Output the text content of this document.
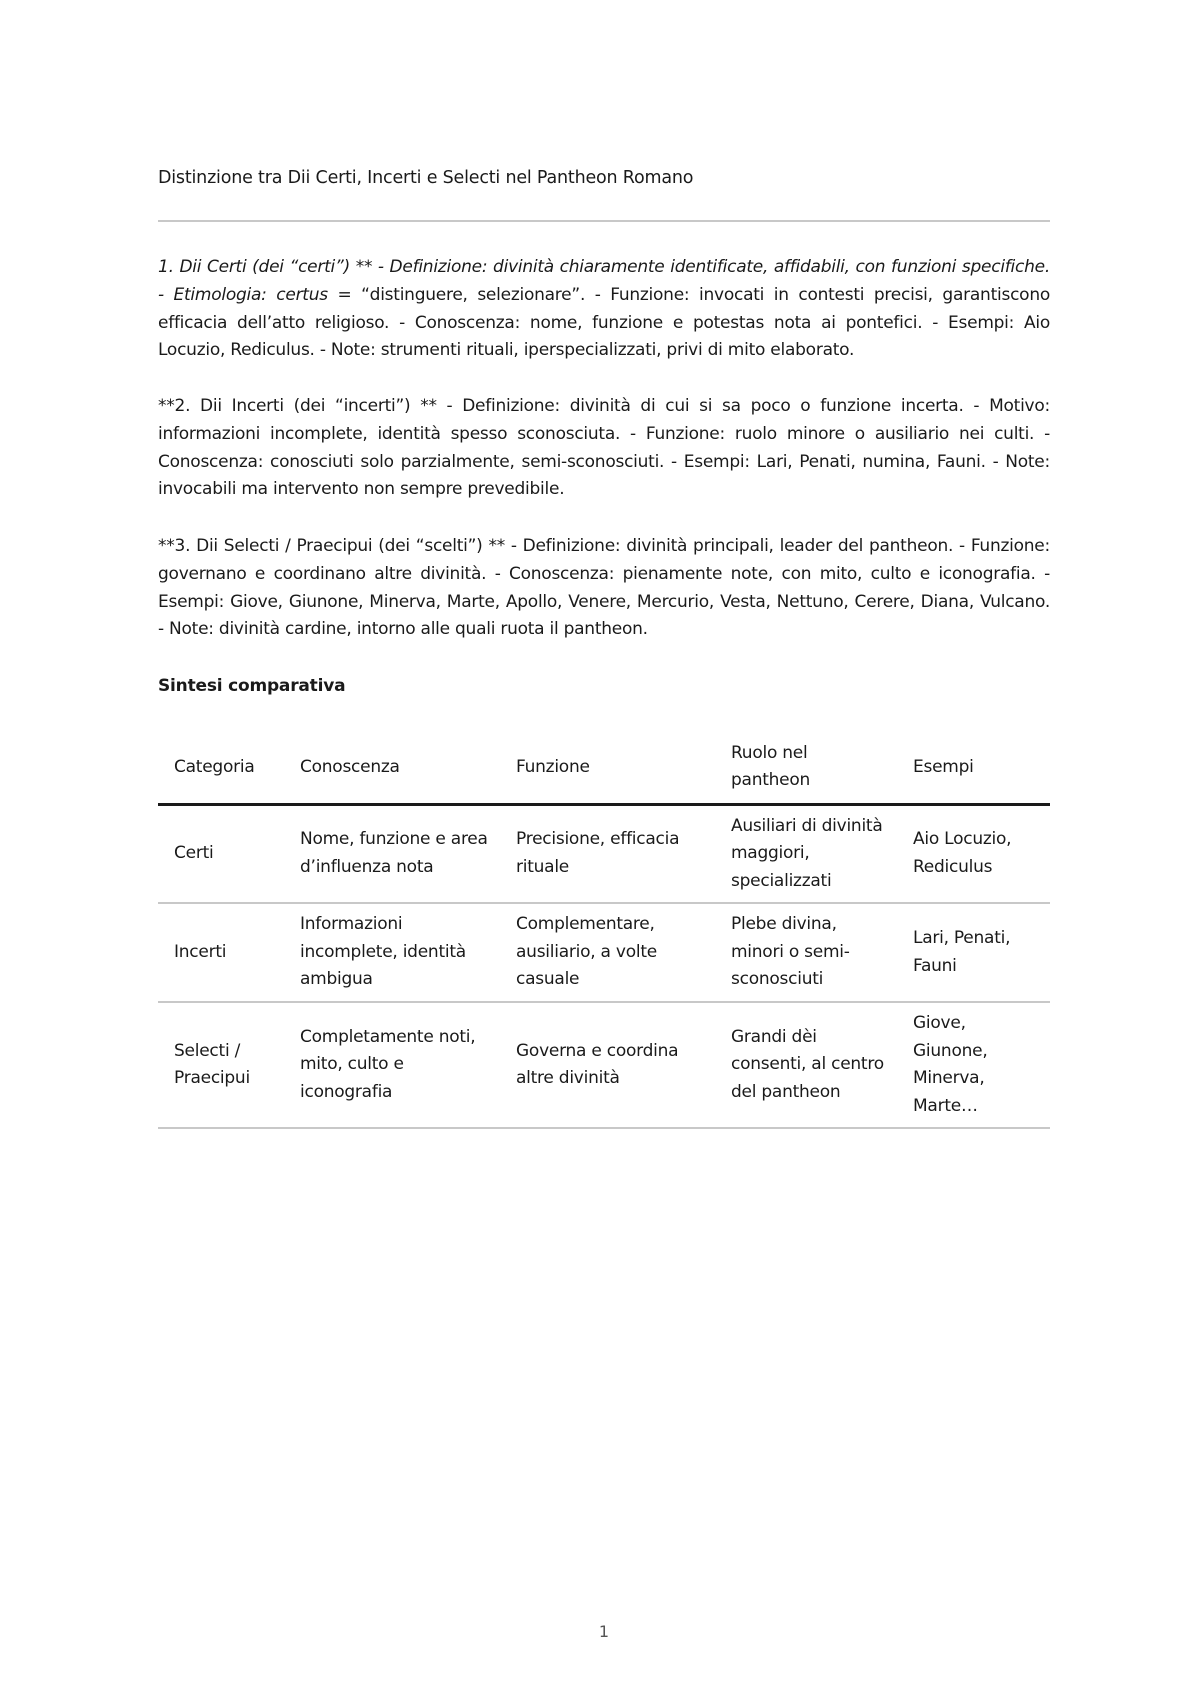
Distinzione tra Dii Certi, Incerti e Selecti nel Pantheon Romano

1. Dii Certi (dei “certi”) ** - Definizione: divinità chiaramente identificate, affidabili, con funzioni specifiche. - Etimologia: certus = “distinguere, selezionare”. - Funzione: invocati in contesti precisi, garantiscono efficacia dell’atto religioso. - Conoscenza: nome, funzione e potestas nota ai pontefici. - Esempi: Aio Locuzio, Rediculus. - Note: strumenti rituali, iperspecializzati, privi di mito elaborato.

**2. Dii Incerti (dei “incerti”) ** - Definizione: divinità di cui si sa poco o funzione incerta. - Motivo: informazioni incomplete, identità spesso sconosciuta. - Funzione: ruolo minore o ausiliario nei culti. - Conoscenza: conosciuti solo parzialmente, semi-sconosciuti. - Esempi: Lari, Penati, numina, Fauni. - Note: invocabili ma intervento non sempre prevedibile.

**3. Dii Selecti / Praecipui (dei “scelti”) ** - Definizione: divinità principali, leader del pantheon. - Funzione: governano e coordinano altre divinità. - Conoscenza: pienamente note, con mito, culto e iconografia. - Esempi: Giove, Giunone, Minerva, Marte, Apollo, Venere, Mercurio, Vesta, Nettuno, Cerere, Diana, Vulcano. - Note: divinità cardine, intorno alle quali ruota il pantheon.

Sintesi comparativa
Categoria	Conoscenza	Funzione	Ruolo nel pantheon	Esempi
Certi	Nome, funzione e area d’influenza nota	Precisione, efficacia rituale	Ausiliari di divinità maggiori, specializzati	Aio Locuzio, Rediculus
Incerti	Informazioni incomplete, identità ambigua	Complementare, ausiliario, a volte casuale	Plebe divina, minori o semi-sconosciuti	Lari, Penati, Fauni
Selecti / Praecipui	Completamente noti, mito, culto e iconografia	Governa e coordina altre divinità	Grandi dèi consenti, al centro del pantheon	Giove, Giunone, Minerva, Marte…
1
